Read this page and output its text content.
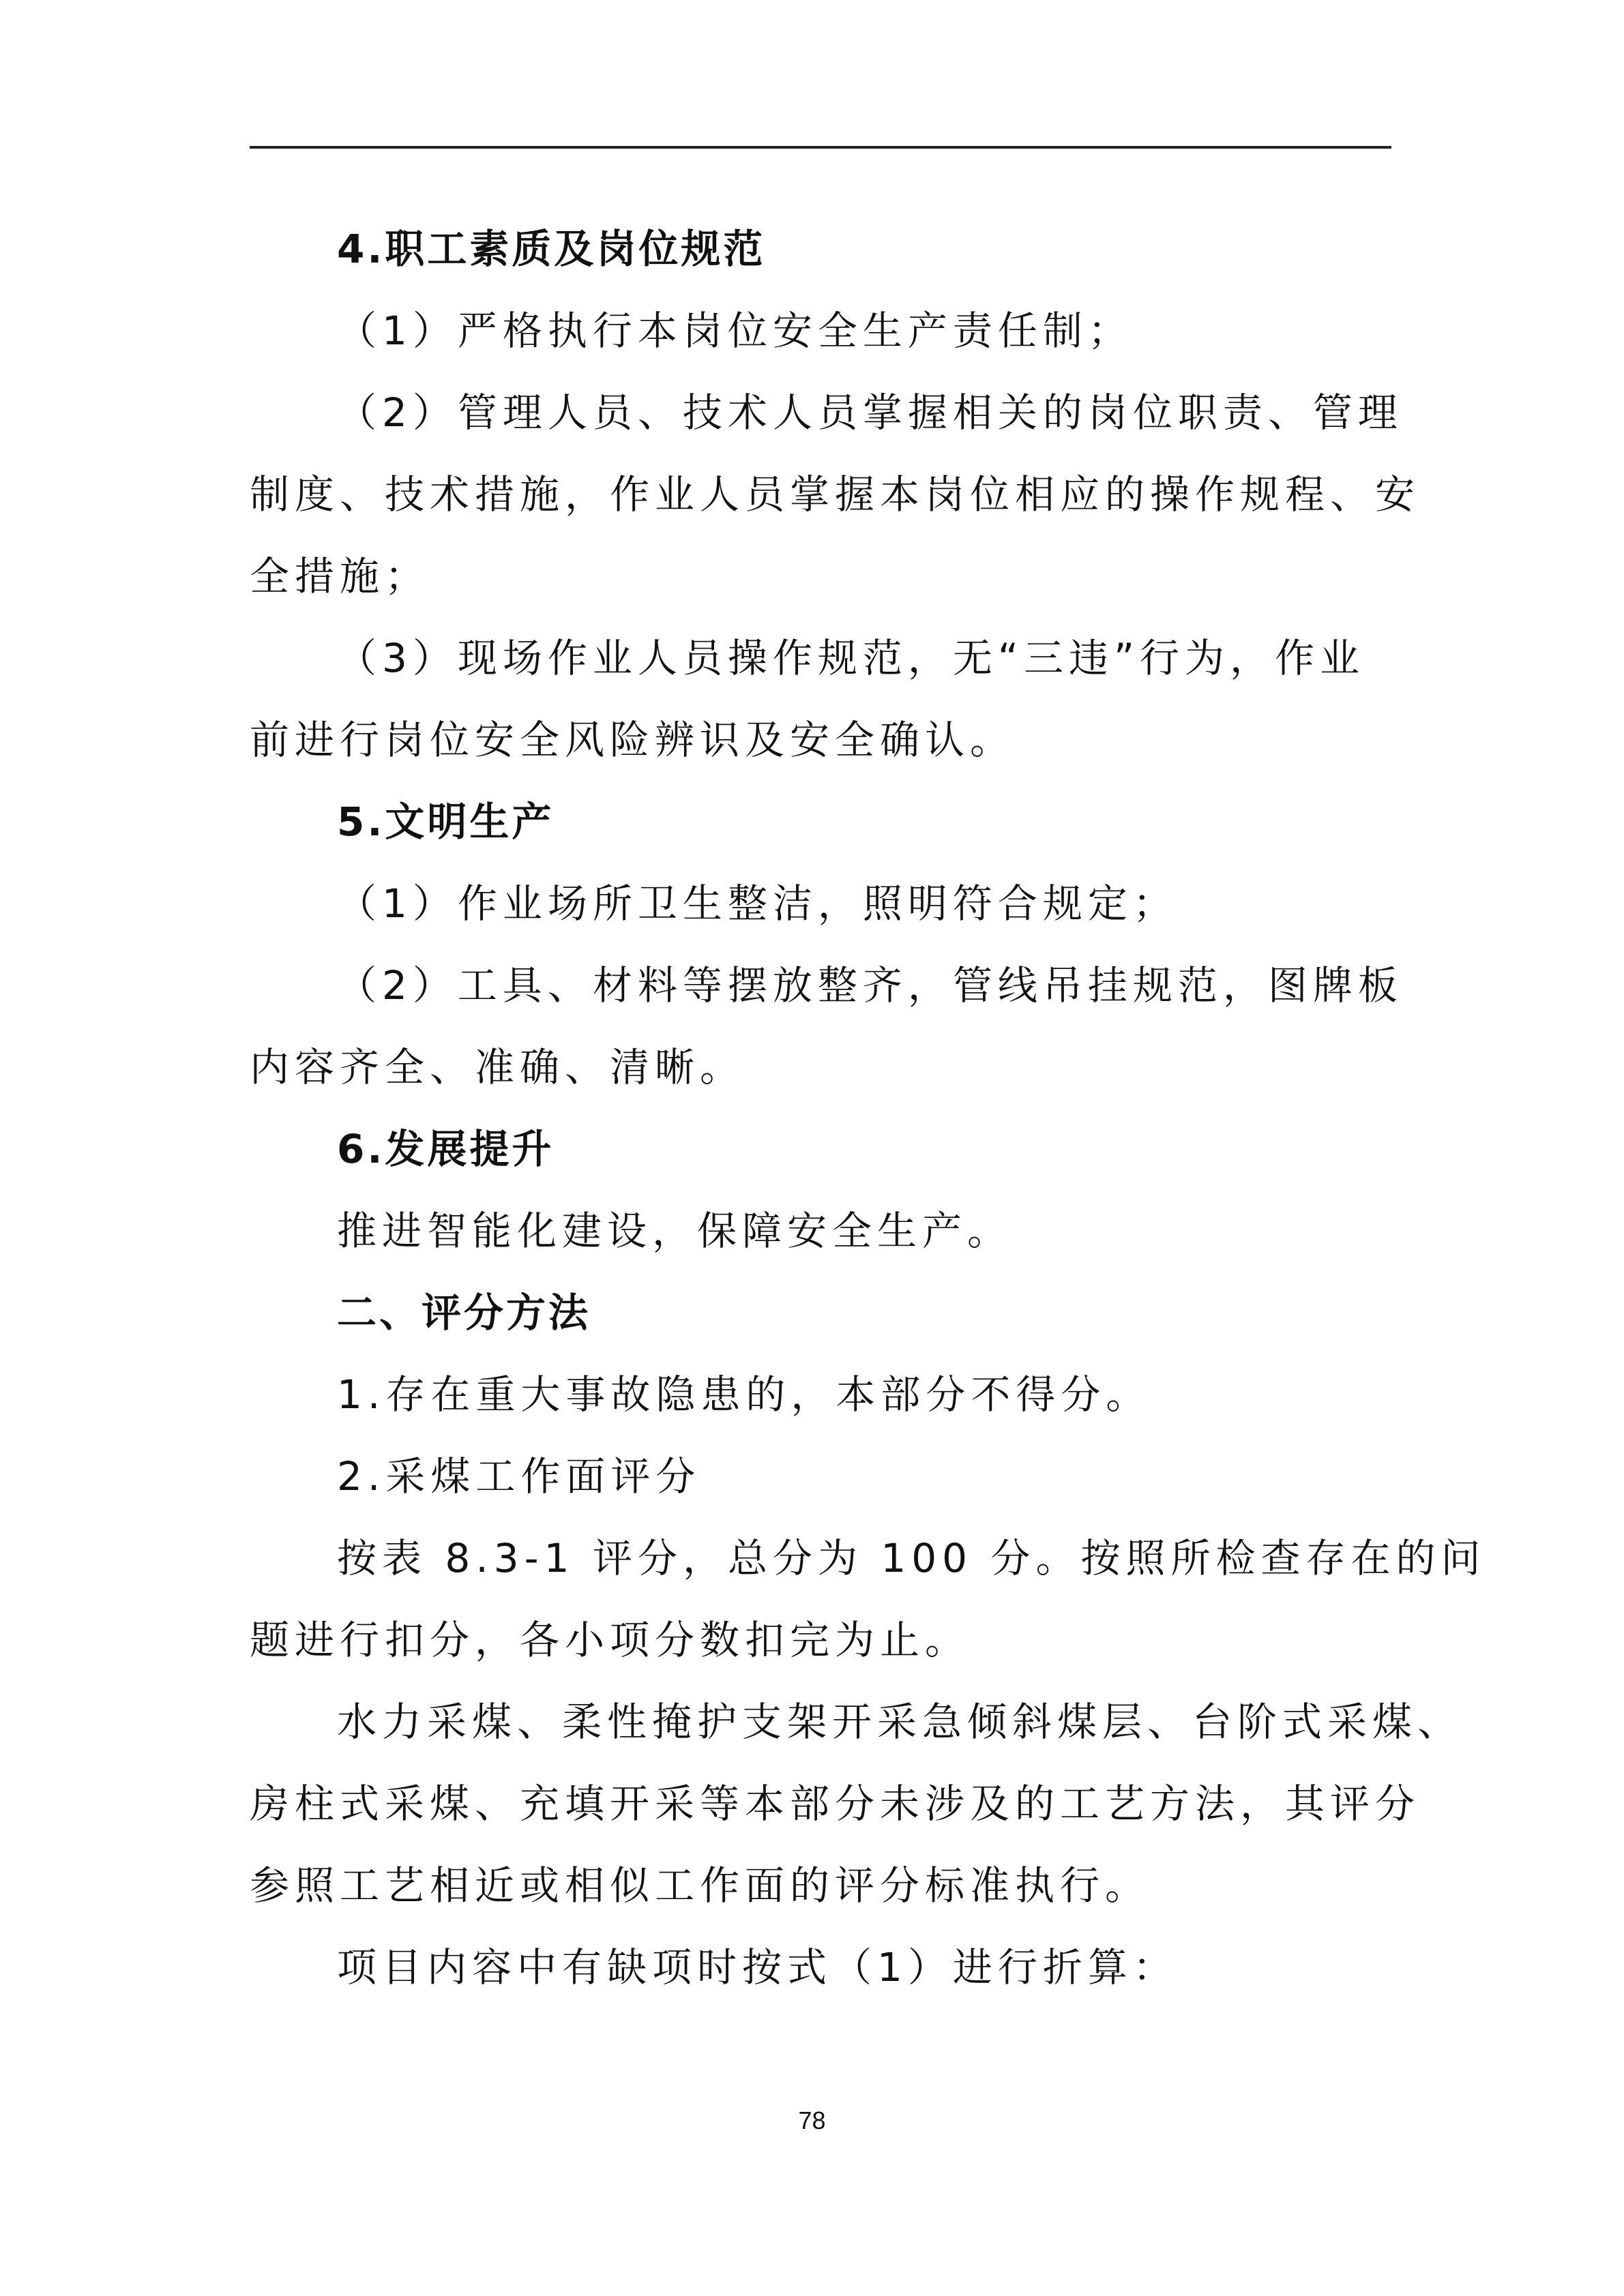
4.职工素质及岗位规范
（1）严格执行本岗位安全生产责任制；
（2）管理人员、技术人员掌握相关的岗位职责、管理
制度、技术措施，作业人员掌握本岗位相应的操作规程、安
全措施；
（3）现场作业人员操作规范，无“三违”行为，作业
前进行岗位安全风险辨识及安全确认。
5.文明生产
（1）作业场所卫生整洁，照明符合规定；
（2）工具、材料等摆放整齐，管线吊挂规范，图牌板
内容齐全、准确、清晰。
6.发展提升
推进智能化建设，保障安全生产。
二、评分方法
1.存在重大事故隐患的，本部分不得分。
2.采煤工作面评分
按表 8.3-1 评分，总分为 100 分。按照所检查存在的问
题进行扣分，各小项分数扣完为止。
水力采煤、柔性掩护支架开采急倾斜煤层、台阶式采煤、
房柱式采煤、充填开采等本部分未涉及的工艺方法，其评分
参照工艺相近或相似工作面的评分标准执行。
项目内容中有缺项时按式（1）进行折算：
78
